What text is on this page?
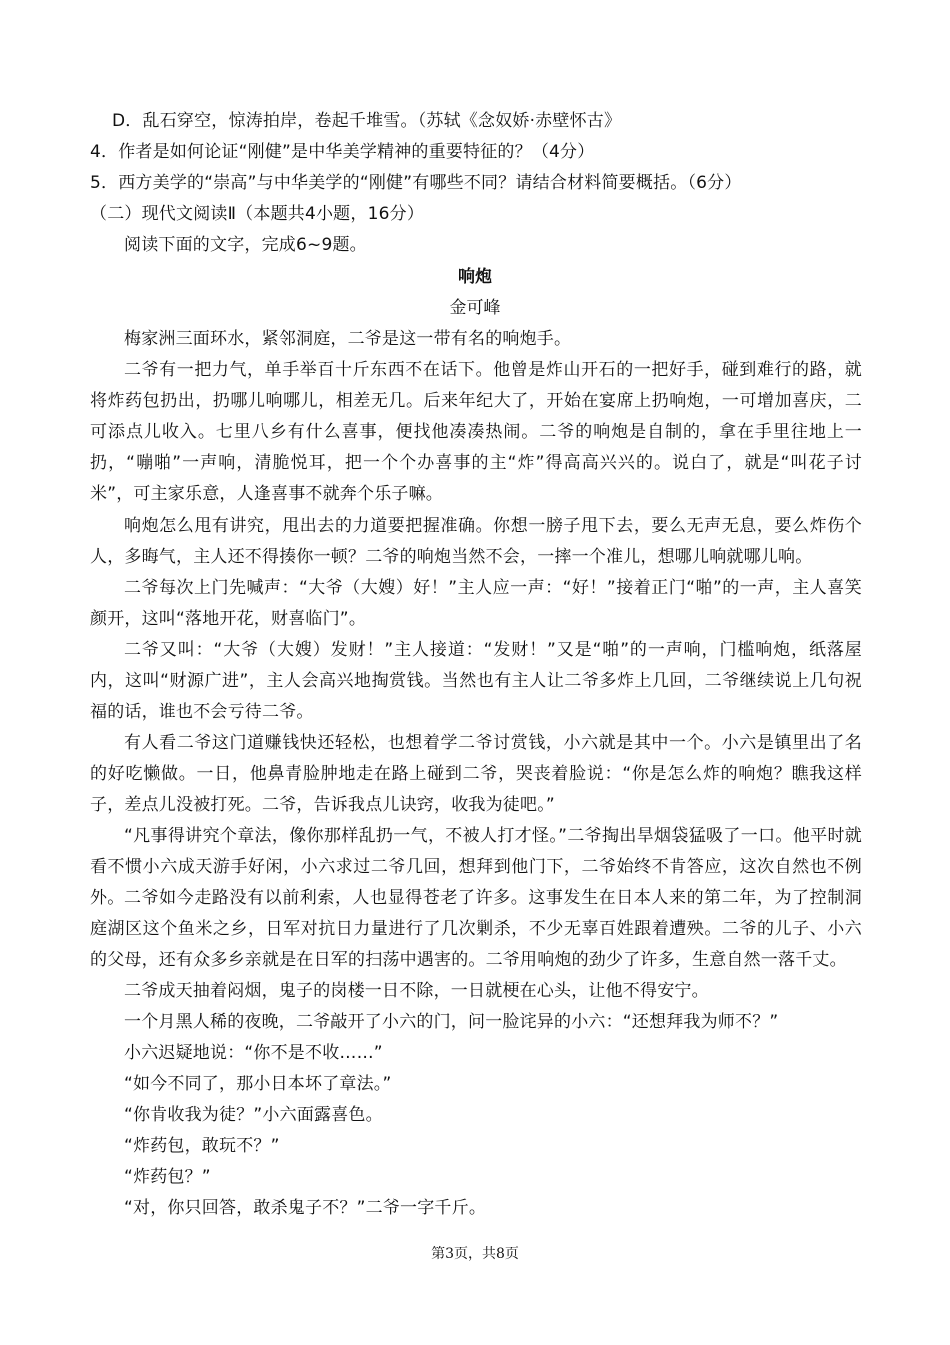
D．乱石穿空，惊涛拍岸，卷起千堆雪。（苏轼《念奴娇·赤壁怀古》
4．作者是如何论证“刚健”是中华美学精神的重要特征的？（4分）
5．西方美学的“崇高”与中华美学的“刚健”有哪些不同？请结合材料简要概括。（6分）
（二）现代文阅读Ⅱ（本题共4小题，16分）
阅读下面的文字，完成6~9题。
响炮
金可峰

梅家洲三面环水，紧邻洞庭，二爷是这一带有名的响炮手。

二爷有一把力气，单手举百十斤东西不在话下。他曾是炸山开石的一把好手，碰到难行的路，就将炸药包扔出，扔哪儿响哪儿，相差无几。后来年纪大了，开始在宴席上扔响炮，一可增加喜庆，二可添点儿收入。七里八乡有什么喜事，便找他凑凑热闹。二爷的响炮是自制的，拿在手里往地上一扔，“嘣啪”一声响，清脆悦耳，把一个个办喜事的主“炸”得高高兴兴的。说白了，就是“叫花子讨米”，可主家乐意，人逢喜事不就奔个乐子嘛。

响炮怎么甩有讲究，甩出去的力道要把握准确。你想一膀子甩下去，要么无声无息，要么炸伤个人，多晦气，主人还不得揍你一顿？二爷的响炮当然不会，一摔一个准儿，想哪儿响就哪儿响。

二爷每次上门先喊声：“大爷（大嫂）好！”主人应一声：“好！”接着正门“啪”的一声，主人喜笑颜开，这叫“落地开花，财喜临门”。

二爷又叫：“大爷（大嫂）发财！”主人接道：“发财！”又是“啪”的一声响，门槛响炮，纸落屋内，这叫“财源广进”，主人会高兴地掏赏钱。当然也有主人让二爷多炸上几回，二爷继续说上几句祝福的话，谁也不会亏待二爷。

有人看二爷这门道赚钱快还轻松，也想着学二爷讨赏钱，小六就是其中一个。小六是镇里出了名的好吃懒做。一日，他鼻青脸肿地走在路上碰到二爷，哭丧着脸说：“你是怎么炸的响炮？瞧我这样子，差点儿没被打死。二爷，告诉我点儿诀窍，收我为徒吧。”

“凡事得讲究个章法，像你那样乱扔一气，不被人打才怪。”二爷掏出旱烟袋猛吸了一口。他平时就看不惯小六成天游手好闲，小六求过二爷几回，想拜到他门下，二爷始终不肯答应，这次自然也不例外。 二爷如今走路没有以前利索，人也显得苍老了许多。这事发生在日本人来的第二年，为了控制洞庭湖区这个鱼米之乡，日军对抗日力量进行了几次剿杀，不少无辜百姓跟着遭殃。二爷的儿子、小六的父母，还有众多乡亲就是在日军的扫荡中遇害的。二爷用响炮的劲少了许多，生意自然一落千丈。

二爷成天抽着闷烟，鬼子的岗楼一日不除，一日就梗在心头，让他不得安宁。

一个月黑人稀的夜晚，二爷敲开了小六的门，问一脸诧异的小六：“还想拜我为师不？”

小六迟疑地说：“你不是不收……”

“如今不同了，那小日本坏了章法。”

“你肯收我为徒？”小六面露喜色。

“炸药包，敢玩不？”

“炸药包？”

“对，你只回答，敢杀鬼子不？”二爷一字千斤。

第3页，共8页
